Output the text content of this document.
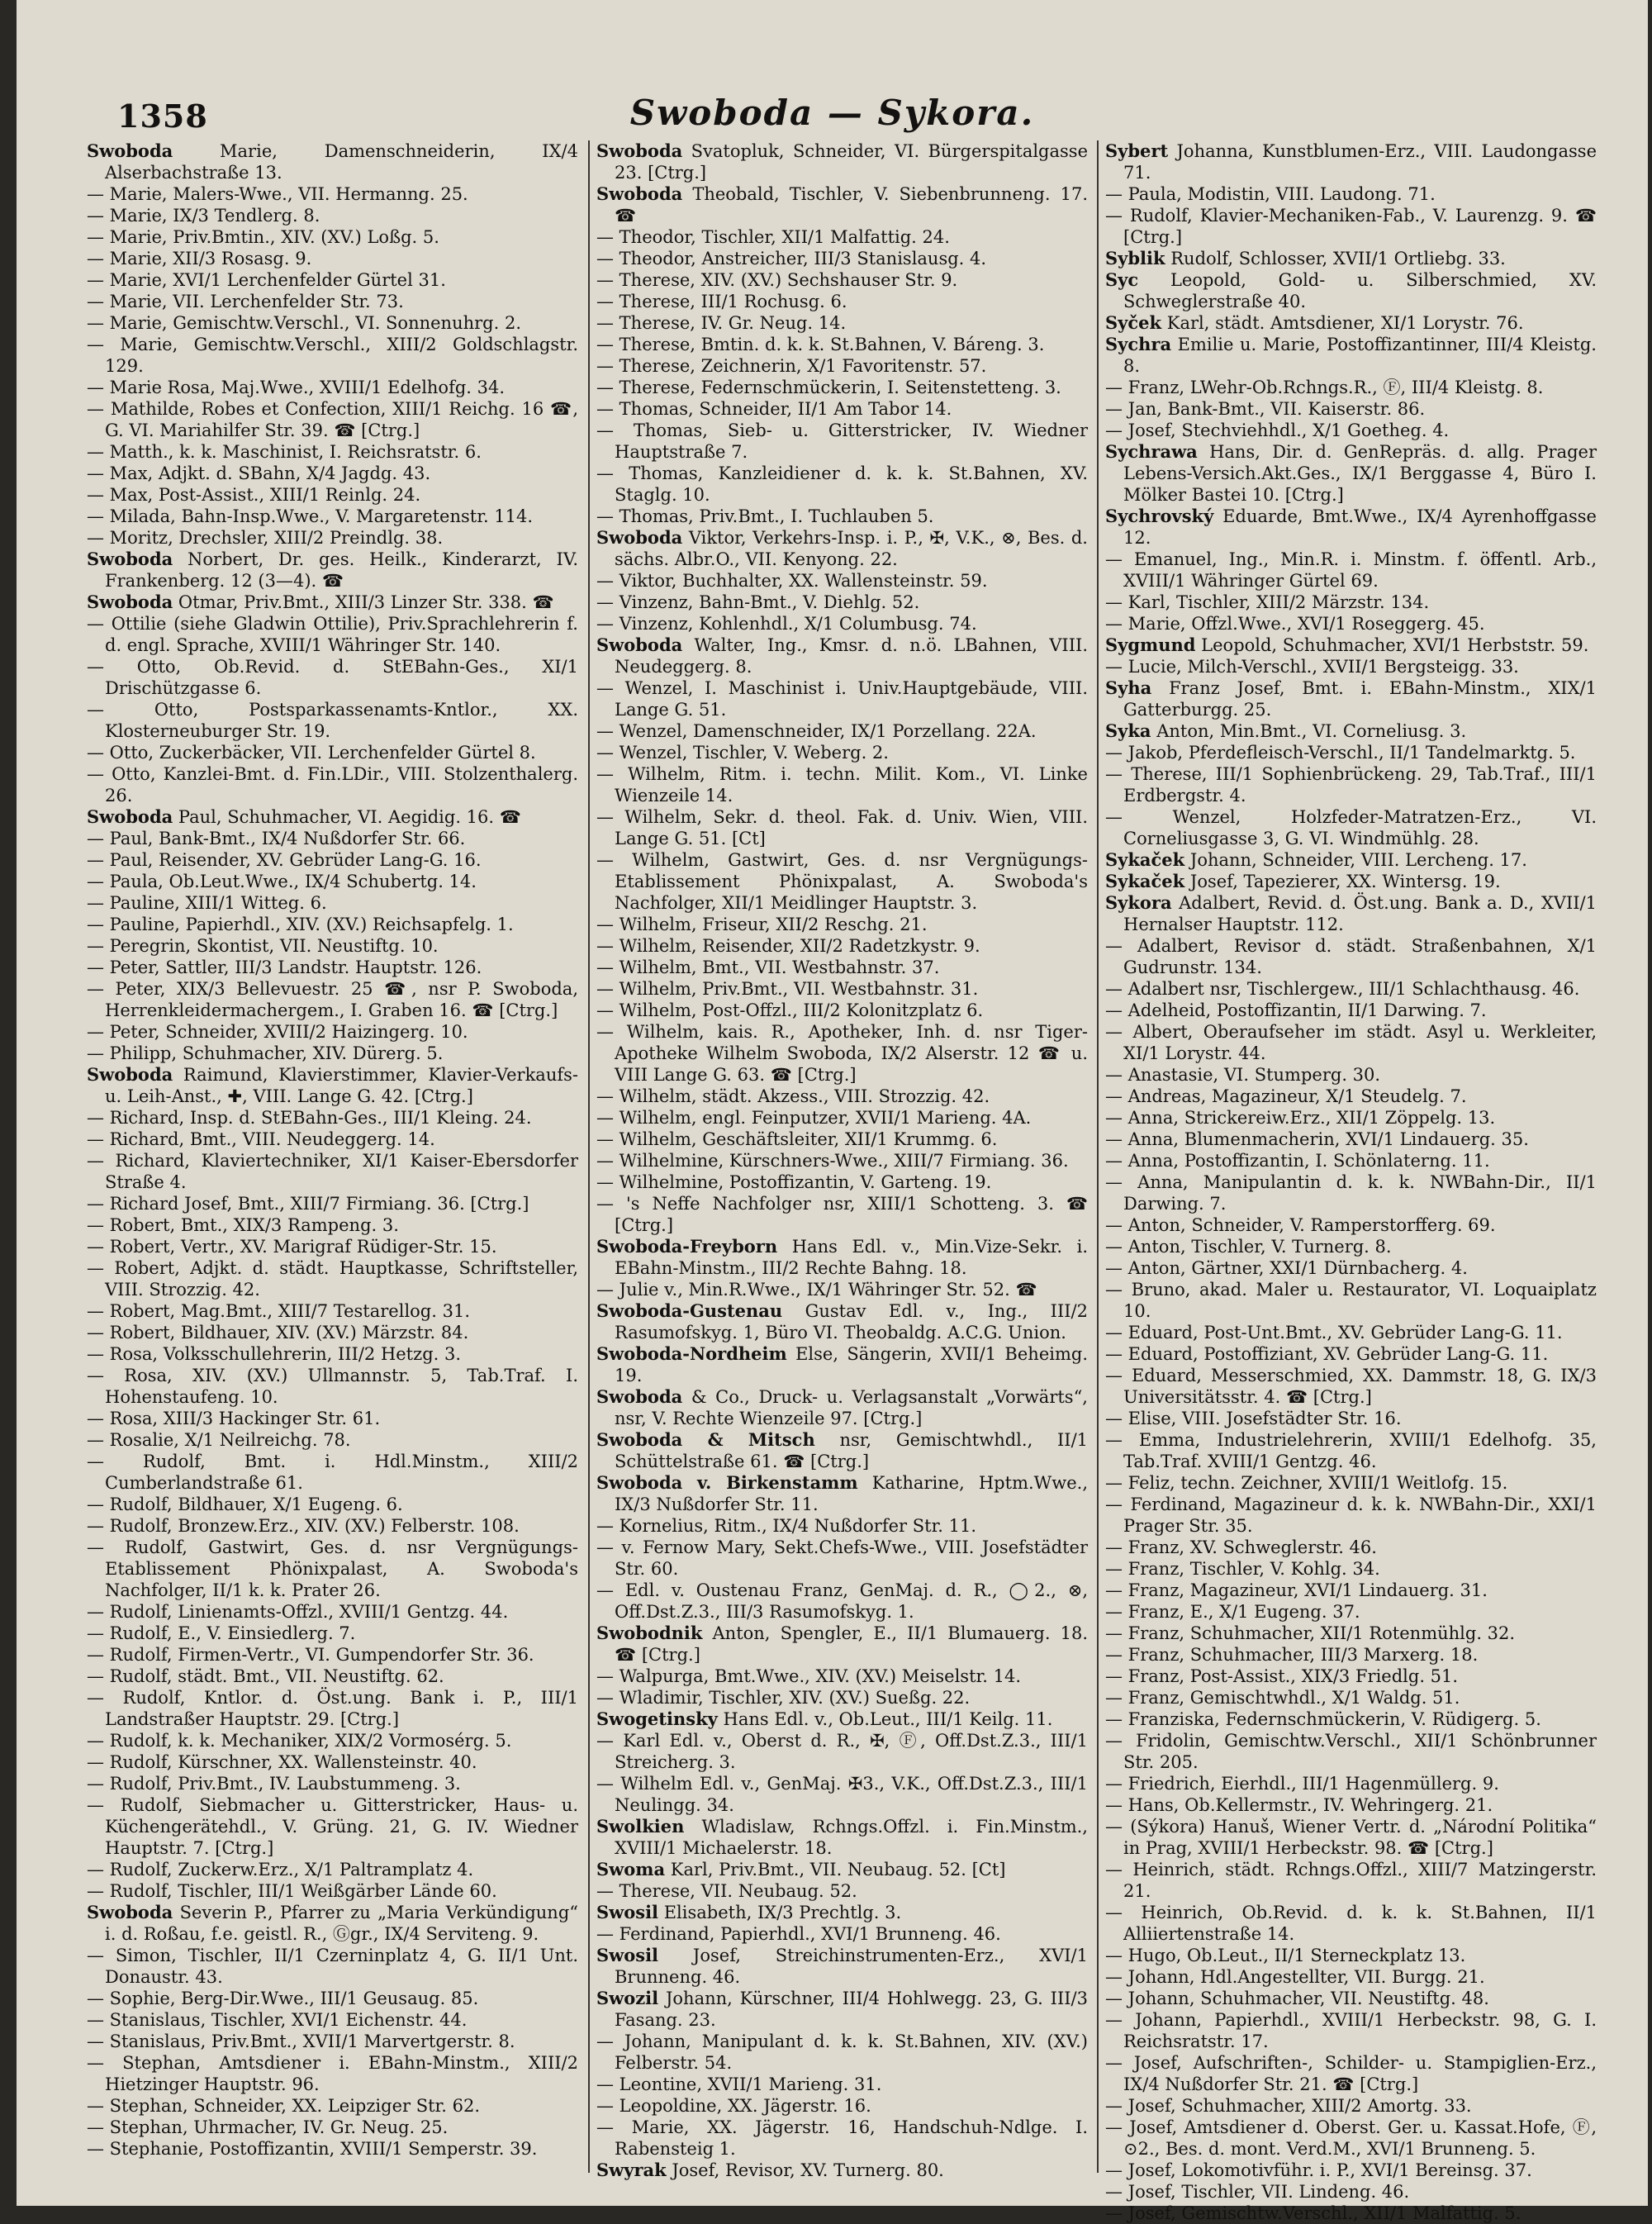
1358	Swoboda — Sykora.

Swoboda Marie, Damenschneiderin, IX/4 Alserbachstraße 13.

— Marie, Malers-Wwe., VII. Hermanng. 25.

— Marie, IX/3 Tendlerg. 8.

— Marie, Priv.Bmtin., XIV. (XV.) Loßg. 5.

— Marie, XII/3 Rosasg. 9.

— Marie, XVI/1 Lerchenfelder Gürtel 31.

— Marie, VII. Lerchenfelder Str. 73.

— Marie, Gemischtw.Verschl., VI. Sonnenuhrg. 2.

— Marie, Gemischtw.Verschl., XIII/2 Goldschlagstr. 129.

— Marie Rosa, Maj.Wwe., XVIII/1 Edelhofg. 34.

— Mathilde, Robes et Confection, XIII/1 Reichg. 16 ☎, G. VI. Mariahilfer Str. 39. ☎ [Ctrg.]

— Matth., k. k. Maschinist, I. Reichsratstr. 6.

— Max, Adjkt. d. SBahn, X/4 Jagdg. 43.

— Max, Post-Assist., XIII/1 Reinlg. 24.

— Milada, Bahn-Insp.Wwe., V. Margaretenstr. 114.

— Moritz, Drechsler, XIII/2 Preindlg. 38.

Swoboda Norbert, Dr. ges. Heilk., Kinderarzt, IV. Frankenberg. 12 (3—4). ☎

Swoboda Otmar, Priv.Bmt., XIII/3 Linzer Str. 338. ☎

— Ottilie (siehe Gladwin Ottilie), Priv.Sprachlehrerin f. d. engl. Sprache, XVIII/1 Währinger Str. 140.

— Otto, Ob.Revid. d. StEBahn-Ges., XI/1 Drischützgasse 6.

— Otto, Postsparkassenamts-Kntlor., XX. Klosterneuburger Str. 19.

— Otto, Zuckerbäcker, VII. Lerchenfelder Gürtel 8.

— Otto, Kanzlei-Bmt. d. Fin.LDir., VIII. Stolzenthalerg. 26.

Swoboda Paul, Schuhmacher, VI. Aegidig. 16. ☎

— Paul, Bank-Bmt., IX/4 Nußdorfer Str. 66.

— Paul, Reisender, XV. Gebrüder Lang-G. 16.

— Paula, Ob.Leut.Wwe., IX/4 Schubertg. 14.

— Pauline, XIII/1 Witteg. 6.

— Pauline, Papierhdl., XIV. (XV.) Reichsapfelg. 1.

— Peregrin, Skontist, VII. Neustiftg. 10.

— Peter, Sattler, III/3 Landstr. Hauptstr. 126.

— Peter, XIX/3 Bellevuestr. 25 ☎, nsr P. Swoboda, Herrenkleidermachergem., I. Graben 16. ☎ [Ctrg.]

— Peter, Schneider, XVIII/2 Haizingerg. 10.

— Philipp, Schuhmacher, XIV. Dürerg. 5.

Swoboda Raimund, Klavierstimmer, Klavier-Verkaufs- u. Leih-Anst., ✚, VIII. Lange G. 42. [Ctrg.]

— Richard, Insp. d. StEBahn-Ges., III/1 Kleing. 24.

— Richard, Bmt., VIII. Neudeggerg. 14.

— Richard, Klaviertechniker, XI/1 Kaiser-Ebersdorfer Straße 4.

— Richard Josef, Bmt., XIII/7 Firmiang. 36. [Ctrg.]

— Robert, Bmt., XIX/3 Rampeng. 3.

— Robert, Vertr., XV. Marigraf Rüdiger-Str. 15.

— Robert, Adjkt. d. städt. Hauptkasse, Schriftsteller, VIII. Strozzig. 42.

— Robert, Mag.Bmt., XIII/7 Testarellog. 31.

— Robert, Bildhauer, XIV. (XV.) Märzstr. 84.

— Rosa, Volksschullehrerin, III/2 Hetzg. 3.

— Rosa, XIV. (XV.) Ullmannstr. 5, Tab.Traf. I. Hohenstaufeng. 10.

— Rosa, XIII/3 Hackinger Str. 61.

— Rosalie, X/1 Neilreichg. 78.

— Rudolf, Bmt. i. Hdl.Minstm., XIII/2 Cumberlandstraße 61.

— Rudolf, Bildhauer, X/1 Eugeng. 6.

— Rudolf, Bronzew.Erz., XIV. (XV.) Felberstr. 108.

— Rudolf, Gastwirt, Ges. d. nsr Vergnügungs-Etablissement Phönixpalast, A. Swoboda's Nachfolger, II/1 k. k. Prater 26.

— Rudolf, Linienamts-Offzl., XVIII/1 Gentzg. 44.

— Rudolf, E., V. Einsiedlerg. 7.

— Rudolf, Firmen-Vertr., VI. Gumpendorfer Str. 36.

— Rudolf, städt. Bmt., VII. Neustiftg. 62.

— Rudolf, Kntlor. d. Öst.ung. Bank i. P., III/1 Landstraßer Hauptstr. 29. [Ctrg.]

— Rudolf, k. k. Mechaniker, XIX/2 Vormosérg. 5.

— Rudolf, Kürschner, XX. Wallensteinstr. 40.

— Rudolf, Priv.Bmt., IV. Laubstummeng. 3.

— Rudolf, Siebmacher u. Gitterstricker, Haus- u. Küchengerätehdl., V. Grüng. 21, G. IV. Wiedner Hauptstr. 7. [Ctrg.]

— Rudolf, Zuckerw.Erz., X/1 Paltramplatz 4.

— Rudolf, Tischler, III/1 Weißgärber Lände 60.

Swoboda Severin P., Pfarrer zu „Maria Verkündigung“ i. d. Roßau, f.e. geistl. R., Ⓖgr., IX/4 Serviteng. 9.

— Simon, Tischler, II/1 Czerninplatz 4, G. II/1 Unt. Donaustr. 43.

— Sophie, Berg-Dir.Wwe., III/1 Geusaug. 85.

— Stanislaus, Tischler, XVI/1 Eichenstr. 44.

— Stanislaus, Priv.Bmt., XVII/1 Marvertgerstr. 8.

— Stephan, Amtsdiener i. EBahn-Minstm., XIII/2 Hietzinger Hauptstr. 96.

— Stephan, Schneider, XX. Leipziger Str. 62.

— Stephan, Uhrmacher, IV. Gr. Neug. 25.

— Stephanie, Postoffizantin, XVIII/1 Semperstr. 39.

Swoboda Svatopluk, Schneider, VI. Bürgerspitalgasse 23. [Ctrg.]

Swoboda Theobald, Tischler, V. Siebenbrunneng. 17. ☎

— Theodor, Tischler, XII/1 Malfattig. 24.

— Theodor, Anstreicher, III/3 Stanislausg. 4.

— Therese, XIV. (XV.) Sechshauser Str. 9.

— Therese, III/1 Rochusg. 6.

— Therese, IV. Gr. Neug. 14.

— Therese, Bmtin. d. k. k. St.Bahnen, V. Báreng. 3.

— Therese, Zeichnerin, X/1 Favoritenstr. 57.

— Therese, Federnschmückerin, I. Seitenstetteng. 3.

— Thomas, Schneider, II/1 Am Tabor 14.

— Thomas, Sieb- u. Gitterstricker, IV. Wiedner Hauptstraße 7.

— Thomas, Kanzleidiener d. k. k. St.Bahnen, XV. Staglg. 10.

— Thomas, Priv.Bmt., I. Tuchlauben 5.

Swoboda Viktor, Verkehrs-Insp. i. P., ✠, V.K., ⊗, Bes. d. sächs. Albr.O., VII. Kenyong. 22.

— Viktor, Buchhalter, XX. Wallensteinstr. 59.

— Vinzenz, Bahn-Bmt., V. Diehlg. 52.

— Vinzenz, Kohlenhdl., X/1 Columbusg. 74.

Swoboda Walter, Ing., Kmsr. d. n.ö. LBahnen, VIII. Neudeggerg. 8.

— Wenzel, I. Maschinist i. Univ.Hauptgebäude, VIII. Lange G. 51.

— Wenzel, Damenschneider, IX/1 Porzellang. 22A.

— Wenzel, Tischler, V. Weberg. 2.

— Wilhelm, Ritm. i. techn. Milit. Kom., VI. Linke Wienzeile 14.

— Wilhelm, Sekr. d. theol. Fak. d. Univ. Wien, VIII. Lange G. 51. [Ct]

— Wilhelm, Gastwirt, Ges. d. nsr Vergnügungs-Etablissement Phönixpalast, A. Swoboda's Nachfolger, XII/1 Meidlinger Hauptstr. 3.

— Wilhelm, Friseur, XII/2 Reschg. 21.

— Wilhelm, Reisender, XII/2 Radetzkystr. 9.

— Wilhelm, Bmt., VII. Westbahnstr. 37.

— Wilhelm, Priv.Bmt., VII. Westbahnstr. 31.

— Wilhelm, Post-Offzl., III/2 Kolonitzplatz 6.

— Wilhelm, kais. R., Apotheker, Inh. d. nsr Tiger-Apotheke Wilhelm Swoboda, IX/2 Alserstr. 12 ☎ u. VIII Lange G. 63. ☎ [Ctrg.]

— Wilhelm, städt. Akzess., VIII. Strozzig. 42.

— Wilhelm, engl. Feinputzer, XVII/1 Marieng. 4A.

— Wilhelm, Geschäftsleiter, XII/1 Krummg. 6.

— Wilhelmine, Kürschners-Wwe., XIII/7 Firmiang. 36.

— Wilhelmine, Postoffizantin, V. Garteng. 19.

— 's Neffe Nachfolger nsr, XIII/1 Schotteng. 3. ☎ [Ctrg.]

Swoboda-Freyborn Hans Edl. v., Min.Vize-Sekr. i. EBahn-Minstm., III/2 Rechte Bahng. 18.

— Julie v., Min.R.Wwe., IX/1 Währinger Str. 52. ☎

Swoboda-Gustenau Gustav Edl. v., Ing., III/2 Rasumofskyg. 1, Büro VI. Theobaldg. A.C.G. Union.

Swoboda-Nordheim Else, Sängerin, XVII/1 Beheimg. 19.

Swoboda & Co., Druck- u. Verlagsanstalt „Vorwärts“, nsr, V. Rechte Wienzeile 97. [Ctrg.]

Swoboda & Mitsch nsr, Gemischtwhdl., II/1 Schüttelstraße 61. ☎ [Ctrg.]

Swoboda v. Birkenstamm Katharine, Hptm.Wwe., IX/3 Nußdorfer Str. 11.

— Kornelius, Ritm., IX/4 Nußdorfer Str. 11.

— v. Fernow Mary, Sekt.Chefs-Wwe., VIII. Josefstädter Str. 60.

— Edl. v. Oustenau Franz, GenMaj. d. R., ◯2., ⊗, Off.Dst.Z.3., III/3 Rasumofskyg. 1.

Swobodnik Anton, Spengler, E., II/1 Blumauerg. 18. ☎ [Ctrg.]

— Walpurga, Bmt.Wwe., XIV. (XV.) Meiselstr. 14.

— Wladimir, Tischler, XIV. (XV.) Sueßg. 22.

Swogetinsky Hans Edl. v., Ob.Leut., III/1 Keilg. 11.

— Karl Edl. v., Oberst d. R., ✠, Ⓕ, Off.Dst.Z.3., III/1 Streicherg. 3.

— Wilhelm Edl. v., GenMaj. ✠3., V.K., Off.Dst.Z.3., III/1 Neulingg. 34.

Swolkien Wladislaw, Rchngs.Offzl. i. Fin.Minstm., XVIII/1 Michaelerstr. 18.

Swoma Karl, Priv.Bmt., VII. Neubaug. 52. [Ct]

— Therese, VII. Neubaug. 52.

Swosil Elisabeth, IX/3 Prechtlg. 3.

— Ferdinand, Papierhdl., XVI/1 Brunneng. 46.

Swosil Josef, Streichinstrumenten-Erz., XVI/1 Brunneng. 46.

Swozil Johann, Kürschner, III/4 Hohlwegg. 23, G. III/3 Fasang. 23.

— Johann, Manipulant d. k. k. St.Bahnen, XIV. (XV.) Felberstr. 54.

— Leontine, XVII/1 Marieng. 31.

— Leopoldine, XX. Jägerstr. 16.

— Marie, XX. Jägerstr. 16, Handschuh-Ndlge. I. Rabensteig 1.

Swyrak Josef, Revisor, XV. Turnerg. 80.

Sybert Johanna, Kunstblumen-Erz., VIII. Laudongasse 71.

— Paula, Modistin, VIII. Laudong. 71.

— Rudolf, Klavier-Mechaniken-Fab., V. Laurenzg. 9. ☎ [Ctrg.]

Syblik Rudolf, Schlosser, XVII/1 Ortliebg. 33.

Syc Leopold, Gold- u. Silberschmied, XV. Schweglerstraße 40.

Syček Karl, städt. Amtsdiener, XI/1 Lorystr. 76.

Sychra Emilie u. Marie, Postoffizantinner, III/4 Kleistg. 8.

— Franz, LWehr-Ob.Rchngs.R., Ⓕ, III/4 Kleistg. 8.

— Jan, Bank-Bmt., VII. Kaiserstr. 86.

— Josef, Stechviehhdl., X/1 Goetheg. 4.

Sychrawa Hans, Dir. d. GenRepräs. d. allg. Prager Lebens-Versich.Akt.Ges., IX/1 Berggasse 4, Büro I. Mölker Bastei 10. [Ctrg.]

Sychrovský Eduarde, Bmt.Wwe., IX/4 Ayrenhoffgasse 12.

— Emanuel, Ing., Min.R. i. Minstm. f. öffentl. Arb., XVIII/1 Währinger Gürtel 69.

— Karl, Tischler, XIII/2 Märzstr. 134.

— Marie, Offzl.Wwe., XVI/1 Roseggerg. 45.

Sygmund Leopold, Schuhmacher, XVI/1 Herbststr. 59.

— Lucie, Milch-Verschl., XVII/1 Bergsteigg. 33.

Syha Franz Josef, Bmt. i. EBahn-Minstm., XIX/1 Gatterburgg. 25.

Syka Anton, Min.Bmt., VI. Corneliusg. 3.

— Jakob, Pferdefleisch-Verschl., II/1 Tandelmarktg. 5.

— Therese, III/1 Sophienbrückeng. 29, Tab.Traf., III/1 Erdbergstr. 4.

— Wenzel, Holzfeder-Matratzen-Erz., VI. Corneliusgasse 3, G. VI. Windmühlg. 28.

Sykaček Johann, Schneider, VIII. Lercheng. 17.

Sykaček Josef, Tapezierer, XX. Wintersg. 19.

Sykora Adalbert, Revid. d. Öst.ung. Bank a. D., XVII/1 Hernalser Hauptstr. 112.

— Adalbert, Revisor d. städt. Straßenbahnen, X/1 Gudrunstr. 134.

— Adalbert nsr, Tischlergew., III/1 Schlachthausg. 46.

— Adelheid, Postoffizantin, II/1 Darwing. 7.

— Albert, Oberaufseher im städt. Asyl u. Werkleiter, XI/1 Lorystr. 44.

— Anastasie, VI. Stumperg. 30.

— Andreas, Magazineur, X/1 Steudelg. 7.

— Anna, Strickereiw.Erz., XII/1 Zöppelg. 13.

— Anna, Blumenmacherin, XVI/1 Lindauerg. 35.

— Anna, Postoffizantin, I. Schönlaterng. 11.

— Anna, Manipulantin d. k. k. NWBahn-Dir., II/1 Darwing. 7.

— Anton, Schneider, V. Ramperstorfferg. 69.

— Anton, Tischler, V. Turnerg. 8.

— Anton, Gärtner, XXI/1 Dürnbacherg. 4.

— Bruno, akad. Maler u. Restaurator, VI. Loquaiplatz 10.

— Eduard, Post-Unt.Bmt., XV. Gebrüder Lang-G. 11.

— Eduard, Postoffiziant, XV. Gebrüder Lang-G. 11.

— Eduard, Messerschmied, XX. Dammstr. 18, G. IX/3 Universitätsstr. 4. ☎ [Ctrg.]

— Elise, VIII. Josefstädter Str. 16.

— Emma, Industrielehrerin, XVIII/1 Edelhofg. 35, Tab.Traf. XVIII/1 Gentzg. 46.

— Feliz, techn. Zeichner, XVIII/1 Weitlofg. 15.

— Ferdinand, Magazineur d. k. k. NWBahn-Dir., XXI/1 Prager Str. 35.

— Franz, XV. Schweglerstr. 46.

— Franz, Tischler, V. Kohlg. 34.

— Franz, Magazineur, XVI/1 Lindauerg. 31.

— Franz, E., X/1 Eugeng. 37.

— Franz, Schuhmacher, XII/1 Rotenmühlg. 32.

— Franz, Schuhmacher, III/3 Marxerg. 18.

— Franz, Post-Assist., XIX/3 Friedlg. 51.

— Franz, Gemischtwhdl., X/1 Waldg. 51.

— Franziska, Federnschmückerin, V. Rüdigerg. 5.

— Fridolin, Gemischtw.Verschl., XII/1 Schönbrunner Str. 205.

— Friedrich, Eierhdl., III/1 Hagenmüllerg. 9.

— Hans, Ob.Kellermstr., IV. Wehringerg. 21.

— (Sýkora) Hanuš, Wiener Vertr. d. „Národní Politika“ in Prag, XVIII/1 Herbeckstr. 98. ☎ [Ctrg.]

— Heinrich, städt. Rchngs.Offzl., XIII/7 Matzingerstr. 21.

— Heinrich, Ob.Revid. d. k. k. St.Bahnen, II/1 Alliiertenstraße 14.

— Hugo, Ob.Leut., II/1 Sterneckplatz 13.

— Johann, Hdl.Angestellter, VII. Burgg. 21.

— Johann, Schuhmacher, VII. Neustiftg. 48.

— Johann, Papierhdl., XVIII/1 Herbeckstr. 98, G. I. Reichsratstr. 17.

— Josef, Aufschriften-, Schilder- u. Stampiglien-Erz., IX/4 Nußdorfer Str. 21. ☎ [Ctrg.]

— Josef, Schuhmacher, XIII/2 Amortg. 33.

— Josef, Amtsdiener d. Oberst. Ger. u. Kassat.Hofe, Ⓕ, ⊙2., Bes. d. mont. Verd.M., XVI/1 Brunneng. 5.

— Josef, Lokomotivführ. i. P., XVI/1 Bereinsg. 37.

— Josef, Tischler, VII. Lindeng. 46.

— Josef, Gemischtw.Verschl., XII/1 Malfattig. 5.
